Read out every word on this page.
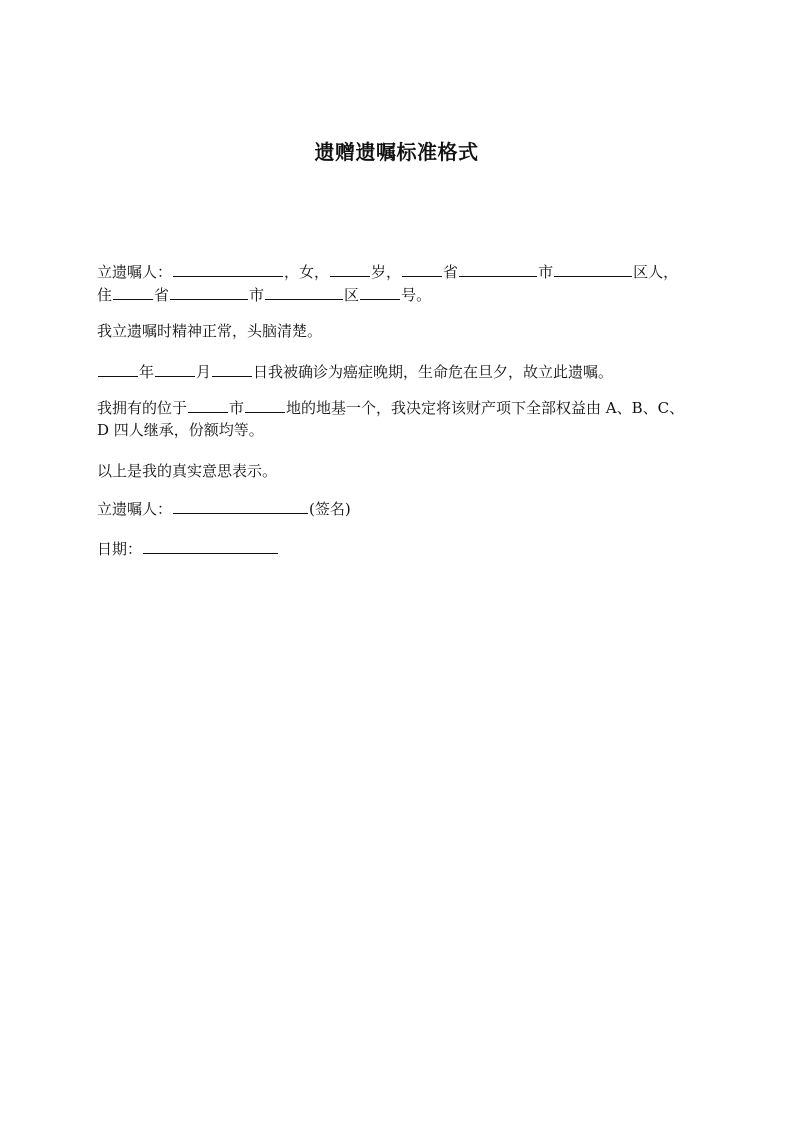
遗赠遗嘱标准格式
立遗嘱人：	，女，	岁，	省	市	区人，
住	省	市	区	号。
我立遗嘱时精神正常，头脑清楚。
年	月	日我被确诊为癌症晚期，生命危在旦夕，故立此遗嘱。
我拥有的位于	市	地的地基一个，我决定将该财产项下全部权益由 A、B、C、
D 四人继承，份额均等。
以上是我的真实意思表示。
立遗嘱人：	(签名)
日期：
